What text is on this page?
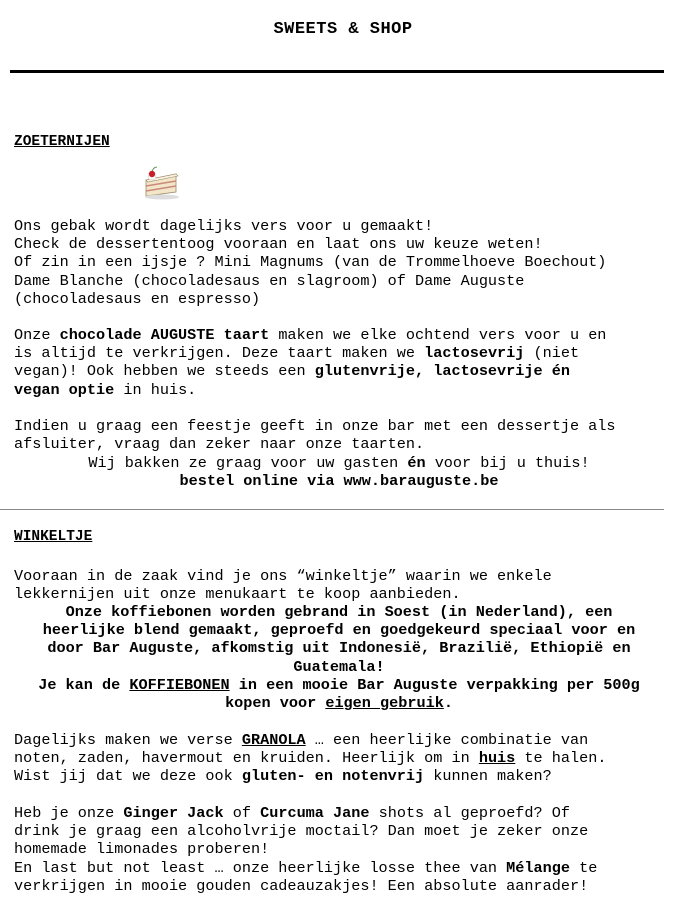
SWEETS & SHOP
ZOETERNIJEN

Ons gebak wordt dagelijks vers voor u gemaakt!
Check de dessertentoog vooraan en laat ons uw keuze weten!
Of zin in een ijsje ? Mini Magnums (van de Trommelhoeve Boechout)
Dame Blanche (chocoladesaus en slagroom) of Dame Auguste
(chocoladesaus en espresso)

Onze chocolade AUGUSTE taart maken we elke ochtend vers voor u en
is altijd te verkrijgen. Deze taart maken we lactosevrij (niet
vegan)! Ook hebben we steeds een glutenvrije, lactosevrije én
vegan optie in huis.

Indien u graag een feestje geeft in onze bar met een dessertje als
afsluiter, vraag dan zeker naar onze taarten.

Wij bakken ze graag voor uw gasten én voor bij u thuis!

bestel online via www.barauguste.be

WINKELTJE

Vooraan in de zaak vind je ons “winkeltje” waarin we enkele
lekkernijen uit onze menukaart te koop aanbieden.

Onze koffiebonen worden gebrand in Soest (in Nederland), een
heerlijke blend gemaakt, geproefd en goedgekeurd speciaal voor en
door Bar Auguste, afkomstig uit Indonesië, Brazilië, Ethiopië en
Guatemala!

Je kan de KOFFIEBONEN in een mooie Bar Auguste verpakking per 500g
kopen voor eigen gebruik.

Dagelijks maken we verse GRANOLA … een heerlijke combinatie van
noten, zaden, havermout en kruiden. Heerlijk om in huis te halen.
Wist jij dat we deze ook gluten- en notenvrij kunnen maken?

Heb je onze Ginger Jack of Curcuma Jane shots al geproefd? Of
drink je graag een alcoholvrije moctail? Dan moet je zeker onze
homemade limonades proberen!
En last but not least … onze heerlijke losse thee van Mélange te
verkrijgen in mooie gouden cadeauzakjes! Een absolute aanrader!
